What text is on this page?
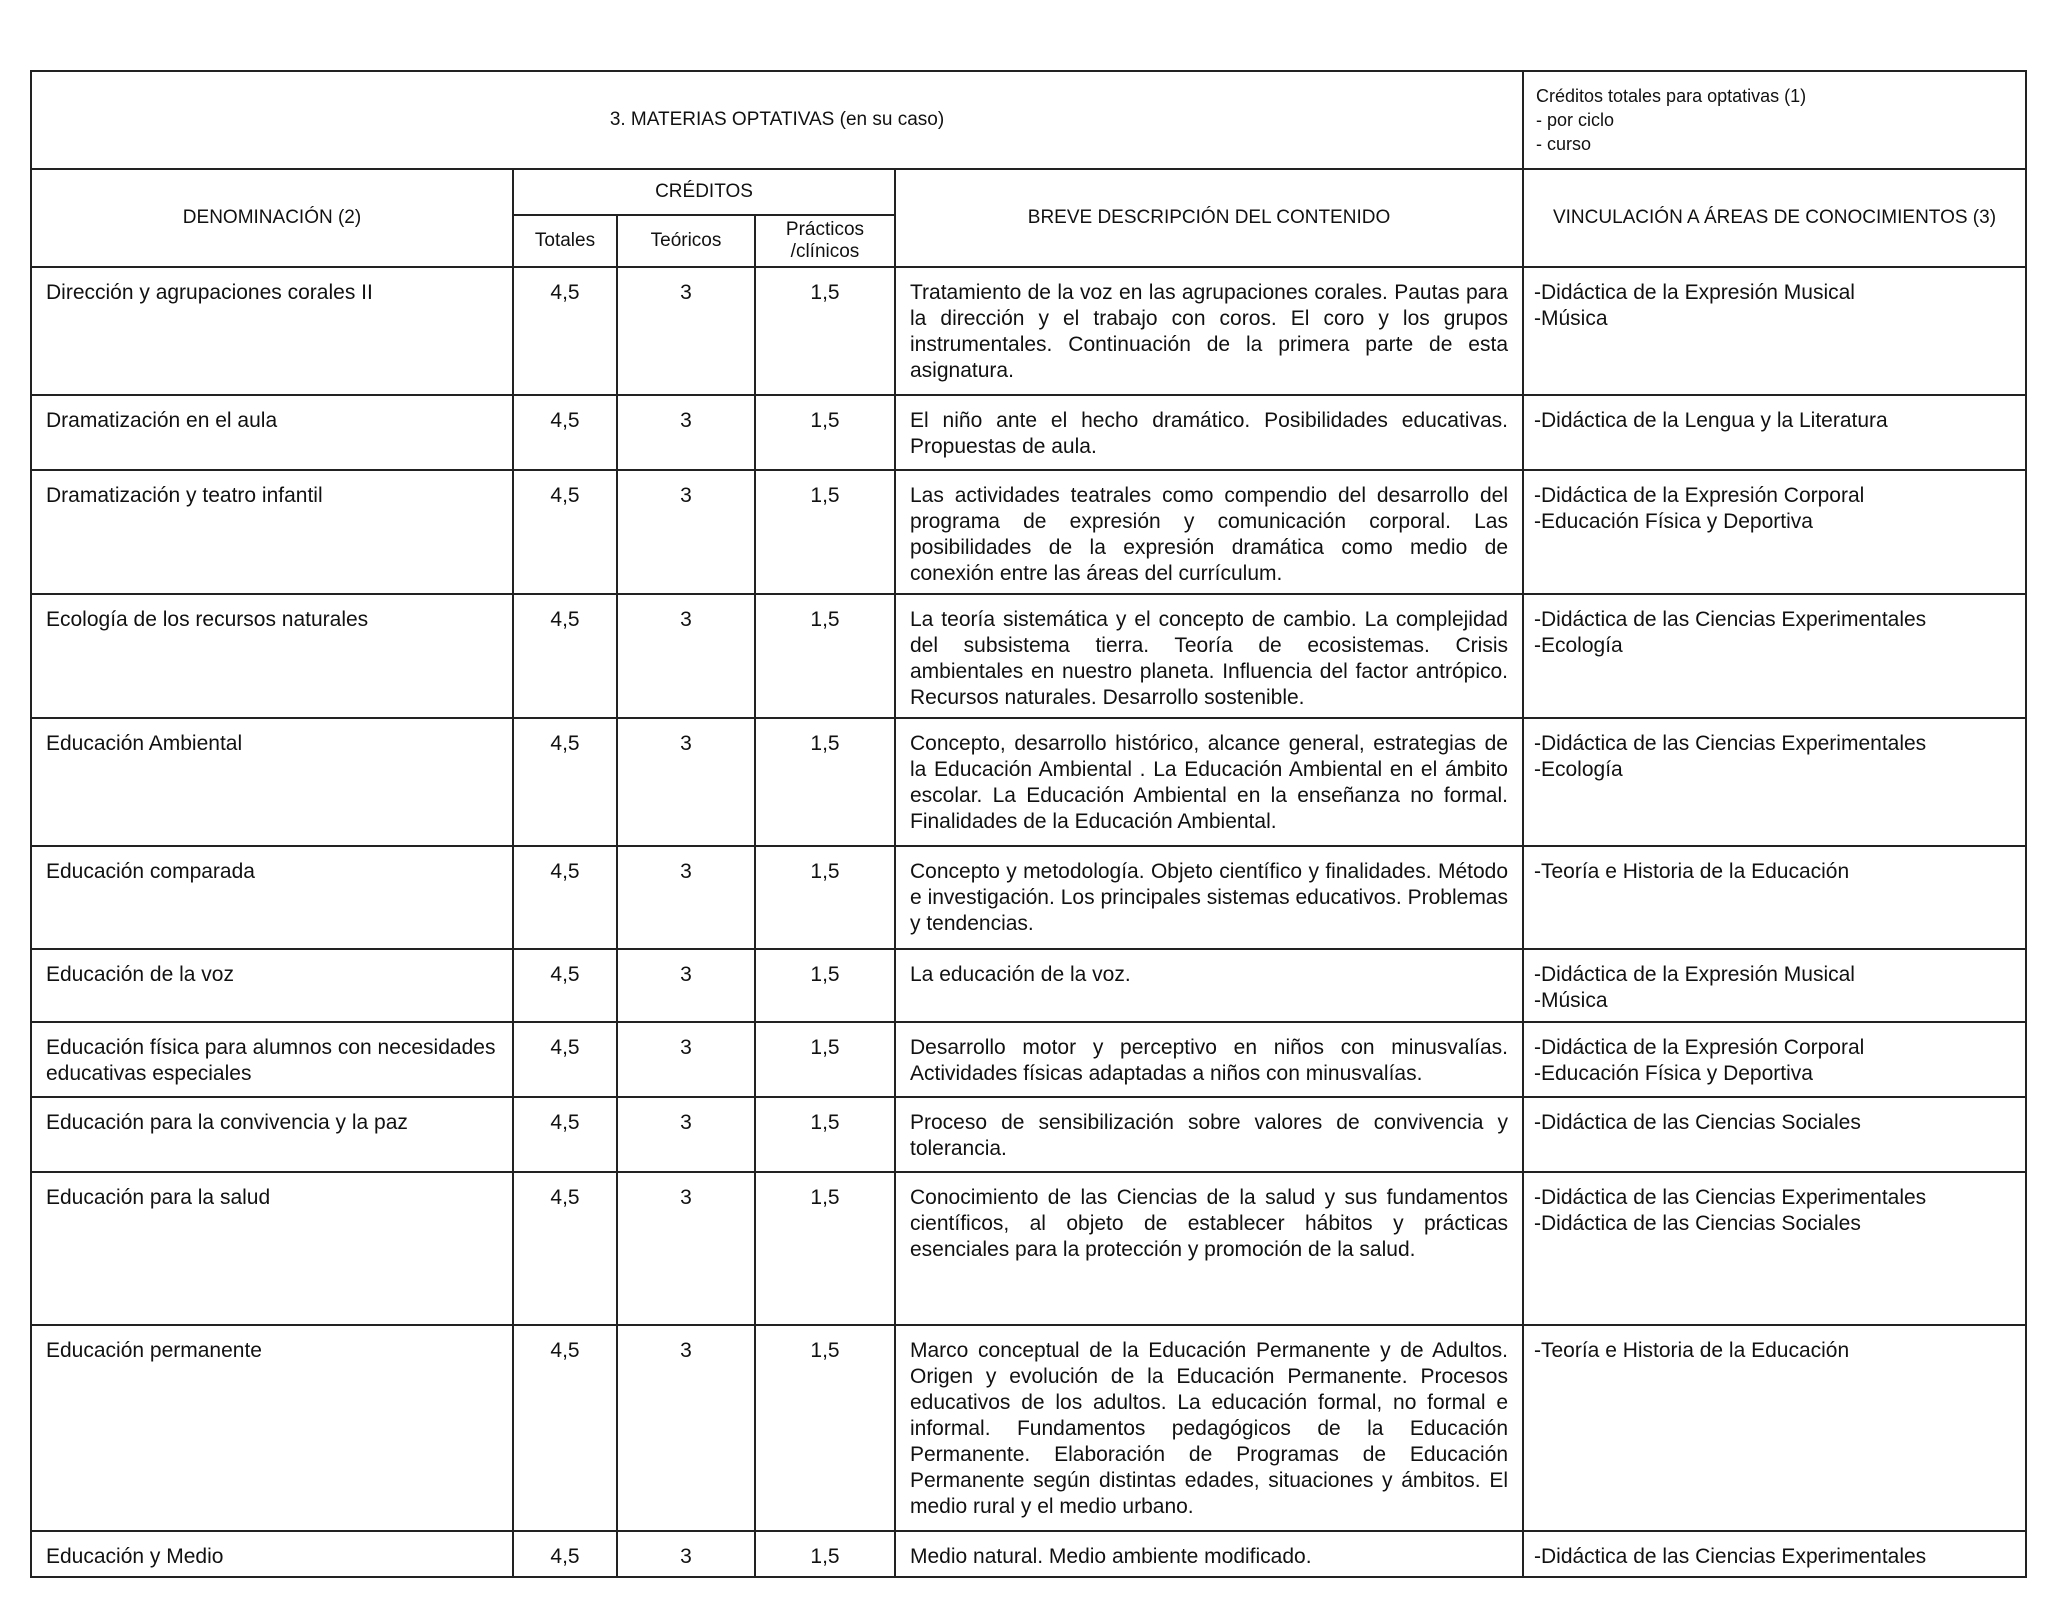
3. MATERIAS OPTATIVAS (en su caso)					Créditos totales para optativas (1)
- por ciclo
- curso

DENOMINACIÓN (2)	CRÉDITOS			BREVE DESCRIPCIÓN DEL CONTENIDO	VINCULACIÓN A ÁREAS DE CONOCIMIENTOS (3)
	Totales	Teóricos	Prácticos /clínicos		
Dirección y agrupaciones corales II	4,5	3	1,5	Tratamiento de la voz en las agrupaciones corales. Pautas para la dirección y el trabajo con coros. El coro y los grupos instrumentales. Continuación de la primera parte de esta asignatura.	-Didáctica de la Expresión Musical
-Música

Dramatización en el aula	4,5	3	1,5	El niño ante el hecho dramático. Posibilidades educativas. Propuestas de aula.	-Didáctica de la Lengua y la Literatura

Dramatización y teatro infantil	4,5	3	1,5	Las actividades teatrales como compendio del desarrollo del programa de expresión y comunicación corporal. Las posibilidades de la expresión dramática como medio de conexión entre las áreas del currículum.	-Didáctica de la Expresión Corporal
-Educación Física y Deportiva

Ecología de los recursos naturales	4,5	3	1,5	La teoría sistemática y el concepto de cambio. La complejidad del subsistema tierra. Teoría de ecosistemas. Crisis ambientales en nuestro planeta. Influencia del factor antrópico. Recursos naturales. Desarrollo sostenible.	-Didáctica de las Ciencias Experimentales
-Ecología

Educación Ambiental	4,5	3	1,5	Concepto, desarrollo histórico, alcance general, estrategias de la Educación Ambiental . La Educación Ambiental en el ámbito escolar. La Educación Ambiental en la enseñanza no formal. Finalidades de la Educación Ambiental.	-Didáctica de las Ciencias Experimentales
-Ecología

Educación comparada	4,5	3	1,5	Concepto y metodología. Objeto científico y finalidades. Método e investigación. Los principales sistemas educativos. Problemas y tendencias.	-Teoría e Historia de la Educación

Educación de la voz	4,5	3	1,5	La educación de la voz.	-Didáctica de la Expresión Musical
-Música

Educación física para alumnos con necesidades educativas especiales	4,5	3	1,5	Desarrollo motor y perceptivo en niños con minusvalías. Actividades físicas adaptadas a niños con minusvalías.	-Didáctica de la Expresión Corporal
-Educación Física y Deportiva

Educación para la convivencia y la paz	4,5	3	1,5	Proceso de sensibilización sobre valores de convivencia y tolerancia.	-Didáctica de las Ciencias Sociales

Educación para la salud	4,5	3	1,5	Conocimiento de las Ciencias de la salud y sus fundamentos científicos, al objeto de establecer hábitos y prácticas esenciales para la protección y promoción de la salud.	-Didáctica de las Ciencias Experimentales
-Didáctica de las Ciencias Sociales

Educación permanente	4,5	3	1,5	Marco conceptual de la Educación Permanente y de Adultos. Origen y evolución de la Educación Permanente. Procesos educativos de los adultos. La educación formal, no formal e informal. Fundamentos pedagógicos de la Educación Permanente. Elaboración de Programas de Educación Permanente según distintas edades, situaciones y ámbitos. El medio rural y el medio urbano.	-Teoría e Historia de la Educación

Educación y Medio	4,5	3	1,5	Medio natural. Medio ambiente modificado.	-Didáctica de las Ciencias Experimentales
